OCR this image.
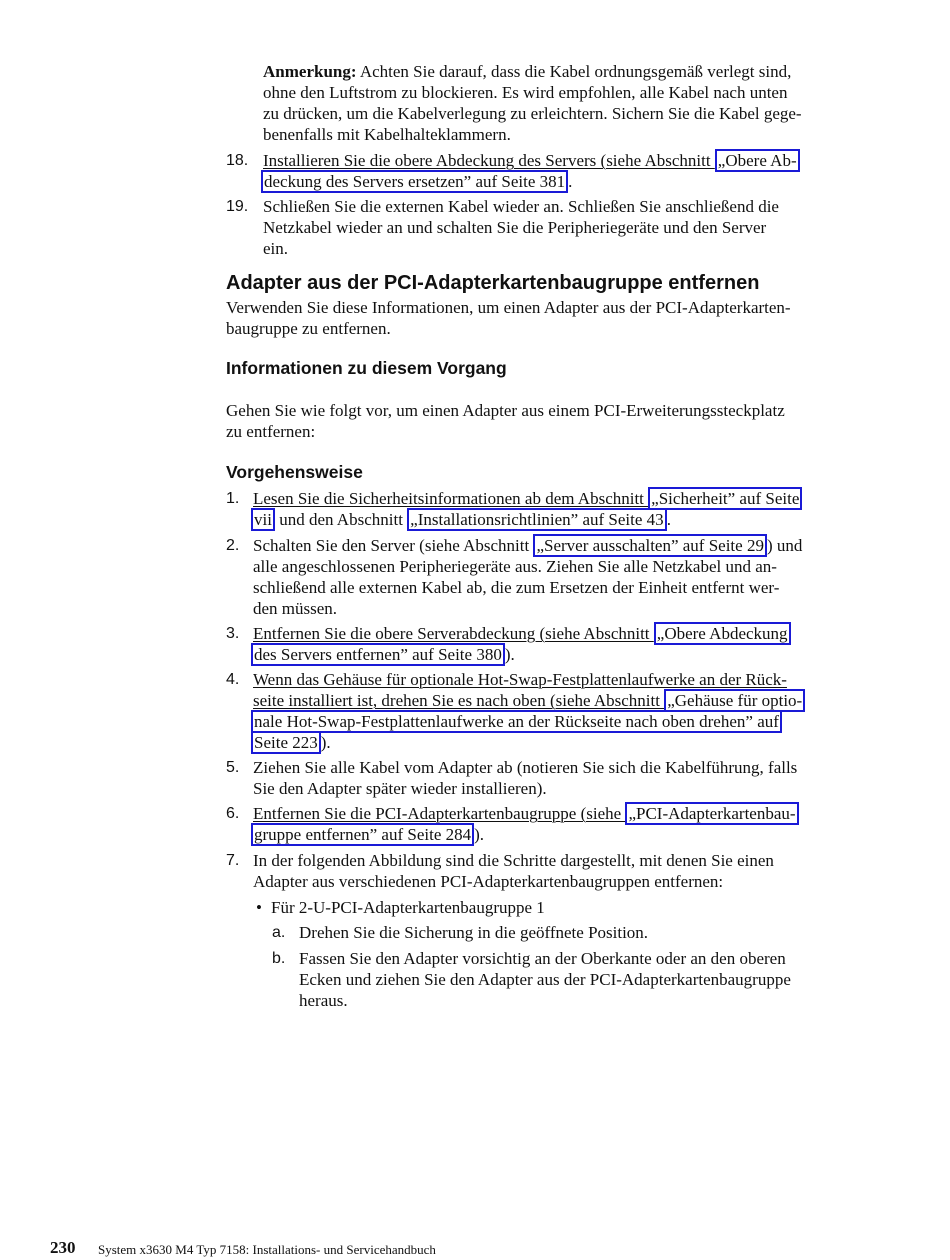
Anmerkung: Achten Sie darauf, dass die Kabel ordnungsgemäß verlegt sind,
ohne den Luftstrom zu blockieren. Es wird empfohlen, alle Kabel nach unten
zu drücken, um die Kabelverlegung zu erleichtern. Sichern Sie die Kabel gege-
benenfalls mit Kabelhalteklammern.
18. Installieren Sie die obere Abdeckung des Servers (siehe Abschnitt „Obere Ab-
deckung des Servers ersetzen” auf Seite 381 .
19. Schließen Sie die externen Kabel wieder an. Schließen Sie anschließend die
Netzkabel wieder an und schalten Sie die Peripheriegeräte und den Server
ein.
Adapter aus der PCI-Adapterkartenbaugruppe entfernen
Verwenden Sie diese Informationen, um einen Adapter aus der PCI-Adapterkarten-
baugruppe zu entfernen.
Informationen zu diesem Vorgang
Gehen Sie wie folgt vor, um einen Adapter aus einem PCI-Erweiterungssteckplatz
zu entfernen:
Vorgehensweise
1. Lesen Sie die Sicherheitsinformationen ab dem Abschnitt „Sicherheit” auf Seite
vii und den Abschnitt „Installationsrichtlinien” auf Seite 43 .
2. Schalten Sie den Server (siehe Abschnitt „Server ausschalten” auf Seite 29 ) und
alle angeschlossenen Peripheriegeräte aus. Ziehen Sie alle Netzkabel und an-
schließend alle externen Kabel ab, die zum Ersetzen der Einheit entfernt wer-
den müssen.
3. Entfernen Sie die obere Serverabdeckung (siehe Abschnitt „Obere Abdeckung
des Servers entfernen” auf Seite 380 ).
4. Wenn das Gehäuse für optionale Hot-Swap-Festplattenlaufwerke an der Rück-
seite installiert ist, drehen Sie es nach oben (siehe Abschnitt „Gehäuse für optio-
nale Hot-Swap-Festplattenlaufwerke an der Rückseite nach oben drehen” auf
Seite 223 ).
5. Ziehen Sie alle Kabel vom Adapter ab (notieren Sie sich die Kabelführung, falls
Sie den Adapter später wieder installieren).
6. Entfernen Sie die PCI-Adapterkartenbaugruppe (siehe „PCI-Adapterkartenbau-
gruppe entfernen” auf Seite 284 ).
7. In der folgenden Abbildung sind die Schritte dargestellt, mit denen Sie einen
Adapter aus verschiedenen PCI-Adapterkartenbaugruppen entfernen:
• Für 2-U-PCI-Adapterkartenbaugruppe 1
a. Drehen Sie die Sicherung in die geöffnete Position.
b. Fassen Sie den Adapter vorsichtig an der Oberkante oder an den oberen
Ecken und ziehen Sie den Adapter aus der PCI-Adapterkartenbaugruppe
heraus.
230 System x3630 M4 Typ 7158: Installations- und Servicehandbuch
